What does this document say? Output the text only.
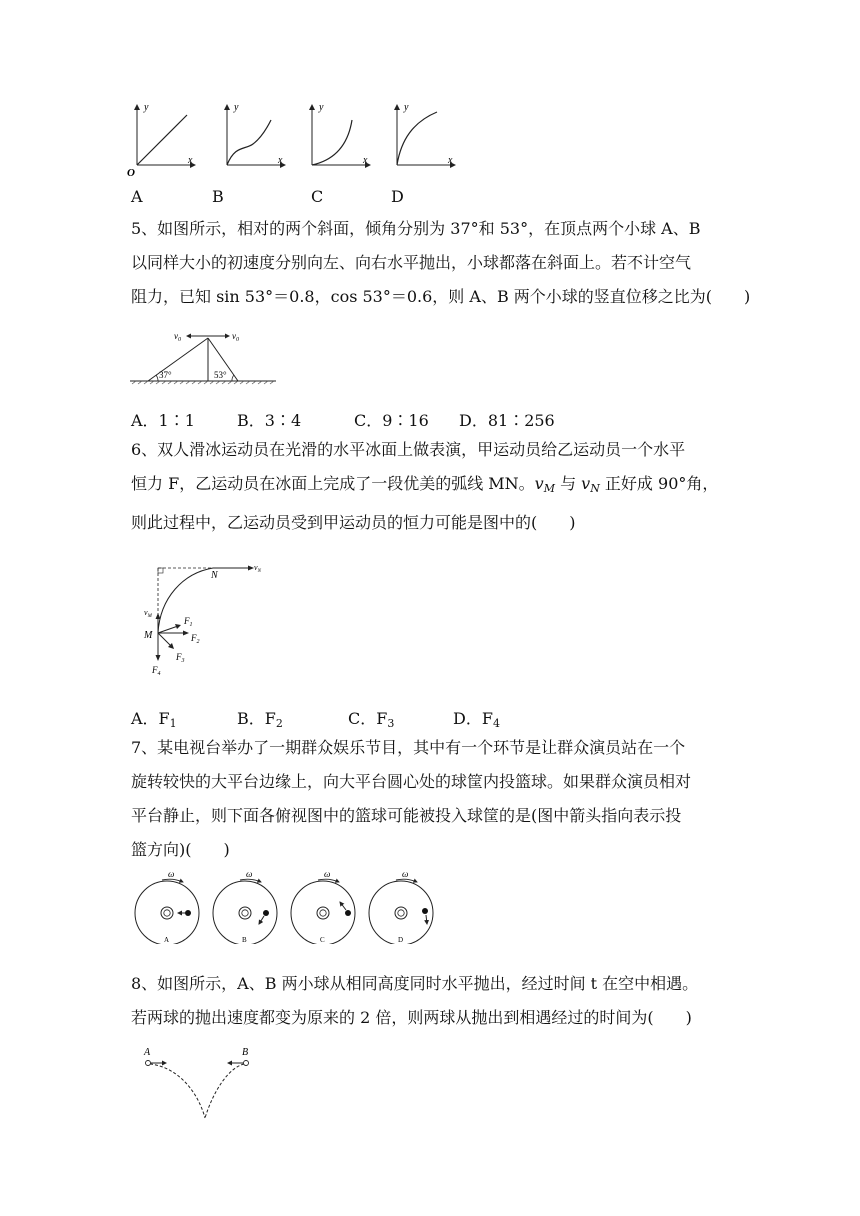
y
x
O
y
x
y
x
y
x
A	B	C	D
5、如图所示，相对的两个斜面，倾角分别为 37°和 53°，在顶点两个小球 A、B
以同样大小的初速度分别向左、向右水平抛出，小球都落在斜面上。若不计空气
阻力，已知 sin 53°＝0.8，cos 53°＝0.6，则 A、B 两个小球的竖直位移之比为(　　)
$v_0$	$v_0$
37°	53°
A．1∶1	B．3∶4	C．9∶16 D．81∶256
6、双人滑冰运动员在光滑的水平冰面上做表演，甲运动员给乙运动员一个水平
恒力 F，乙运动员在冰面上完成了一段优美的弧线 MN。$v_M$ 与 $v_N$ 正好成 90°角，
则此过程中，乙运动员受到甲运动员的恒力可能是图中的(　　)
$v_N$
N
M
$v_M$	$F_1$
$F_2$
$F_3$
$F_4$
A．$F_1$	B．$F_2$	C．$F_3$	D．$F_4$
7、某电视台举办了一期群众娱乐节目，其中有一个环节是让群众演员站在一个
旋转较快的大平台边缘上，向大平台圆心处的球筐内投篮球。如果群众演员相对
平台静止，则下面各俯视图中的篮球可能被投入球筐的是(图中箭头指向表示投
篮方向)(　　)
ω
A
ω
B
ω
C
ω
D
8、如图所示，A、B 两小球从相同高度同时水平抛出，经过时间 t 在空中相遇。
若两球的抛出速度都变为原来的 2 倍，则两球从抛出到相遇经过的时间为(　　)
A	B
